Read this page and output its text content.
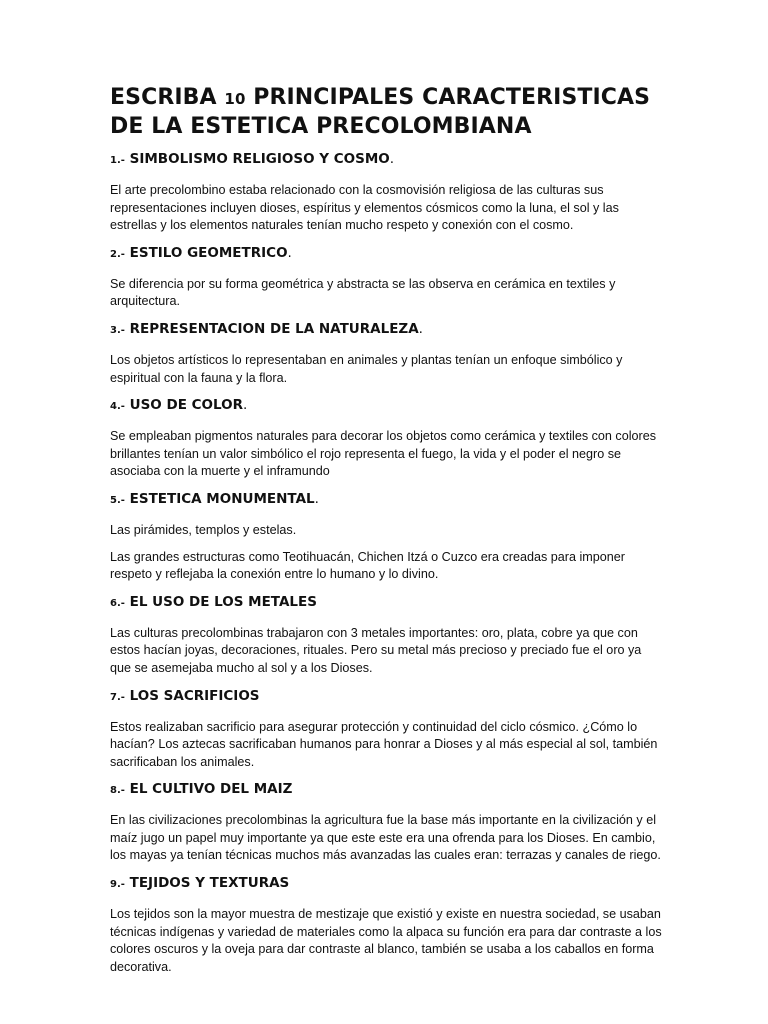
ESCRIBA 10 PRINCIPALES CARACTERISTICAS
DE LA ESTETICA PRECOLOMBIANA
1.- SIMBOLISMO RELIGIOSO Y COSMO.

El arte precolombino estaba relacionado con la cosmovisión religiosa de las culturas sus representaciones incluyen dioses, espíritus y elementos cósmicos como la luna, el sol y las estrellas y los elementos naturales tenían mucho respeto y conexión con el cosmo.

2.- ESTILO GEOMETRICO.

Se diferencia por su forma geométrica y abstracta se las observa en cerámica en textiles y arquitectura.

3.- REPRESENTACION DE LA NATURALEZA.

Los objetos artísticos lo representaban en animales y plantas tenían un enfoque simbólico y espiritual con la fauna y la flora.

4.- USO DE COLOR.

Se empleaban pigmentos naturales para decorar los objetos como cerámica y textiles con colores brillantes tenían un valor simbólico el rojo representa el fuego, la vida y el poder el negro se asociaba con la muerte y el inframundo

5.- ESTETICA MONUMENTAL.

Las pirámides, templos y estelas.

Las grandes estructuras como Teotihuacán, Chichen Itzá o Cuzco era creadas para imponer respeto y reflejaba la conexión entre lo humano y lo divino.

6.- EL USO DE LOS METALES

Las culturas precolombinas trabajaron con 3 metales importantes: oro, plata, cobre ya que con estos hacían joyas, decoraciones, rituales. Pero su metal más precioso y preciado fue el oro ya que se asemejaba mucho al sol y a los Dioses.

7.- LOS SACRIFICIOS

Estos realizaban sacrificio para asegurar protección y continuidad del ciclo cósmico. ¿Cómo lo hacían? Los aztecas sacrificaban humanos para honrar a Dioses y al más especial al sol, también sacrificaban los animales.

8.- EL CULTIVO DEL MAIZ

En las civilizaciones precolombinas la agricultura fue la base más importante en la civilización y el maíz jugo un papel muy importante ya que este este era una ofrenda para los Dioses. En cambio, los mayas ya tenían técnicas muchos más avanzadas las cuales eran: terrazas y canales de riego.

9.- TEJIDOS Y TEXTURAS

Los tejidos son la mayor muestra de mestizaje que existió y existe en nuestra sociedad, se usaban técnicas indígenas y variedad de materiales como la alpaca su función era para dar contraste a los colores oscuros y la oveja para dar contraste al blanco, también se usaba a los caballos en forma decorativa.
